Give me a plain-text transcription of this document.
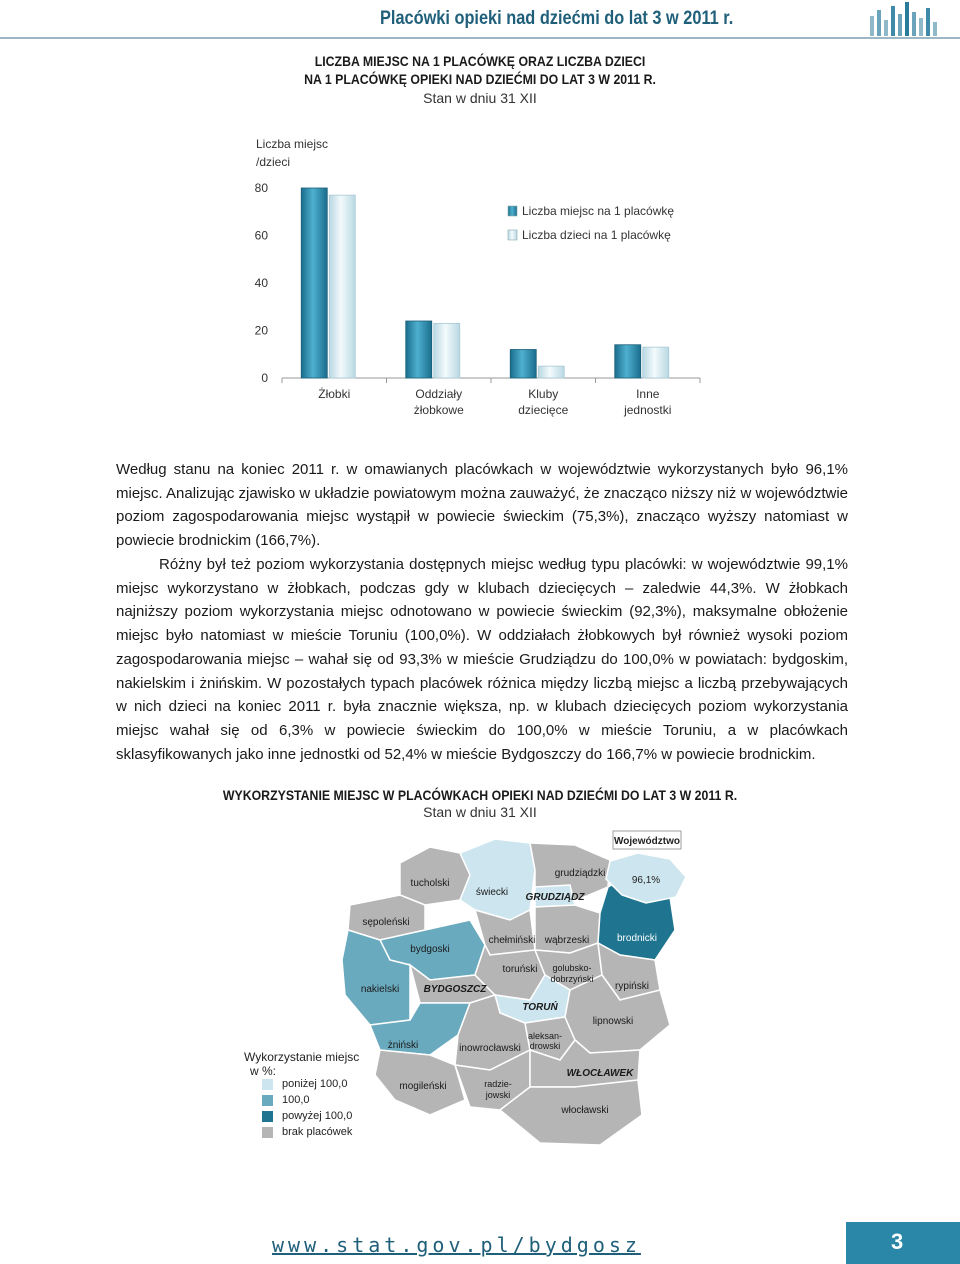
Placówki opieki nad dziećmi do lat 3 w 2011 r.
LICZBA MIEJSC NA 1 PLACÓWKĘ ORAZ LICZBA DZIECI
NA 1 PLACÓWKĘ OPIEKI NAD DZIEĆMI DO LAT 3 W 2011 R.
Stan w dniu 31 XII
Liczba miejsc
/dzieci
0
20
40
60
80
Żłobki	Oddziały
żłobkowe
Kluby
dziecięce
Inne
jednostki
Liczba miejsc na 1 placówkę
Liczba dzieci na 1 placówkę
Według stanu na koniec 2011 r. w omawianych placówkach w województwie wykorzystanych było 96,1% miejsc. Analizując zjawisko w układzie powiatowym można zauważyć, że znacząco niższy niż w województwie poziom zagospodarowania miejsc wystąpił w powiecie świeckim (75,3%), znacząco wyższy natomiast w powiecie brodnickim (166,7%).
Różny był też poziom wykorzystania dostępnych miejsc według typu placówki: w województwie 99,1% miejsc wykorzystano w żłobkach, podczas gdy w klubach dziecięcych – zaledwie 44,3%. W żłobkach najniższy poziom wykorzystania miejsc odnotowano w powiecie świeckim (92,3%), maksymalne obłożenie miejsc było natomiast w mieście Toruniu (100,0%). W oddziałach żłobkowych był również wysoki poziom zagospodarowania miejsc – wahał się od 93,3% w mieście Grudziądzu do 100,0% w powiatach: bydgoskim, nakielskim i żnińskim. W pozostałych typach placówek różnica między liczbą miejsc a liczbą przebywających w nich dzieci na koniec 2011 r. była znacznie większa, np. w klubach dziecięcych poziom wykorzystania miejsc wahał się od 6,3% w powiecie świeckim do 100,0% w mieście Toruniu, a w placówkach sklasyfikowanych jako inne jednostki od 52,4% w mieście Bydgoszczy do 166,7% w powiecie brodnickim.
WYKORZYSTANIE MIEJSC W PLACÓWKACH OPIEKI NAD DZIEĆMI DO LAT 3 W 2011 R.
Stan w dniu 31 XII
Województwo
96,1%
tucholski
świecki
grudziądzki
GRUDZIĄDZ
sępoleński
bydgoski
chełmiński wąbrzeski	brodnicki
nakielski BYDGOSZCZ
toruński golubsko-
dobrzyński
rypiński
TORUŃ
żniński	inowrocławski
aleksan-
drowski
lipnowski
mogileński	radzie-
jowski
WŁOCŁAWEK
włocławski
Wykorzystanie miejsc
w %:
poniżej 100,0
100,0
powyżej 100,0
brak placówek
www.stat.gov.pl/bydgosz	3
